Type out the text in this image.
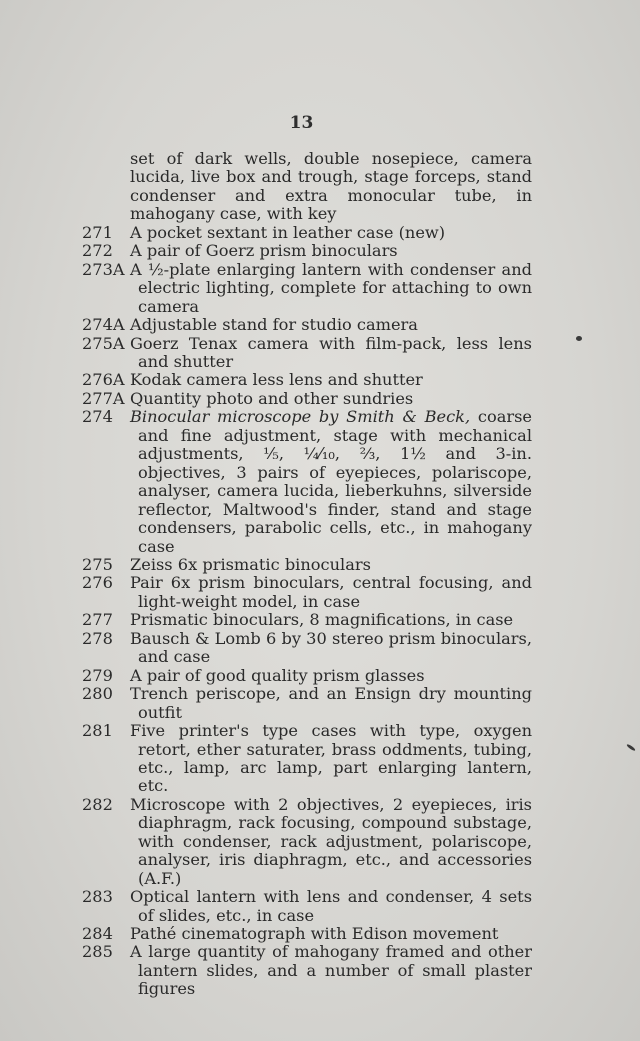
13
set of dark wells, double nosepiece, camera lucida, live box and trough, stage forceps, stand condenser and extra monocular tube, in mahogany case, with key
271	A pocket sextant in leather case (new)
272	A pair of Goerz prism binoculars
273A A ½-plate enlarging lantern with condenser and electric lighting, complete for attaching to own camera
274A Adjustable stand for studio camera
275A Goerz Tenax camera with film-pack, less lens and shutter
276A Kodak camera less lens and shutter
277A Quantity photo and other sundries
274	Binocular microscope by Smith & Beck, coarse and fine adjustment, stage with mechanical adjustments, ⅕, ¼⁄₁₀, ⅔, 1½ and 3-in. objectives, 3 pairs of eyepieces, polariscope, analyser, camera lucida, lieberkuhns, silverside reflector, Maltwood's finder, stand and stage condensers, parabolic cells, etc., in mahogany case
275	Zeiss 6x prismatic binoculars
276	Pair 6x prism binoculars, central focusing, and light-weight model, in case
277	Prismatic binoculars, 8 magnifications, in case
278	Bausch & Lomb 6 by 30 stereo prism binoculars, and case
279	A pair of good quality prism glasses
280	Trench periscope, and an Ensign dry mounting outfit
281	Five printer's type cases with type, oxygen retort, ether saturater, brass oddments, tubing, etc., lamp, arc lamp, part enlarging lantern, etc.
282	Microscope with 2 objectives, 2 eyepieces, iris diaphragm, rack focusing, compound substage, with condenser, rack adjustment, polariscope, analyser, iris diaphragm, etc., and accessories (A.F.)
283	Optical lantern with lens and condenser, 4 sets of slides, etc., in case
284	Pathé cinematograph with Edison movement
285	A large quantity of mahogany framed and other lantern slides, and a number of small plaster figures
